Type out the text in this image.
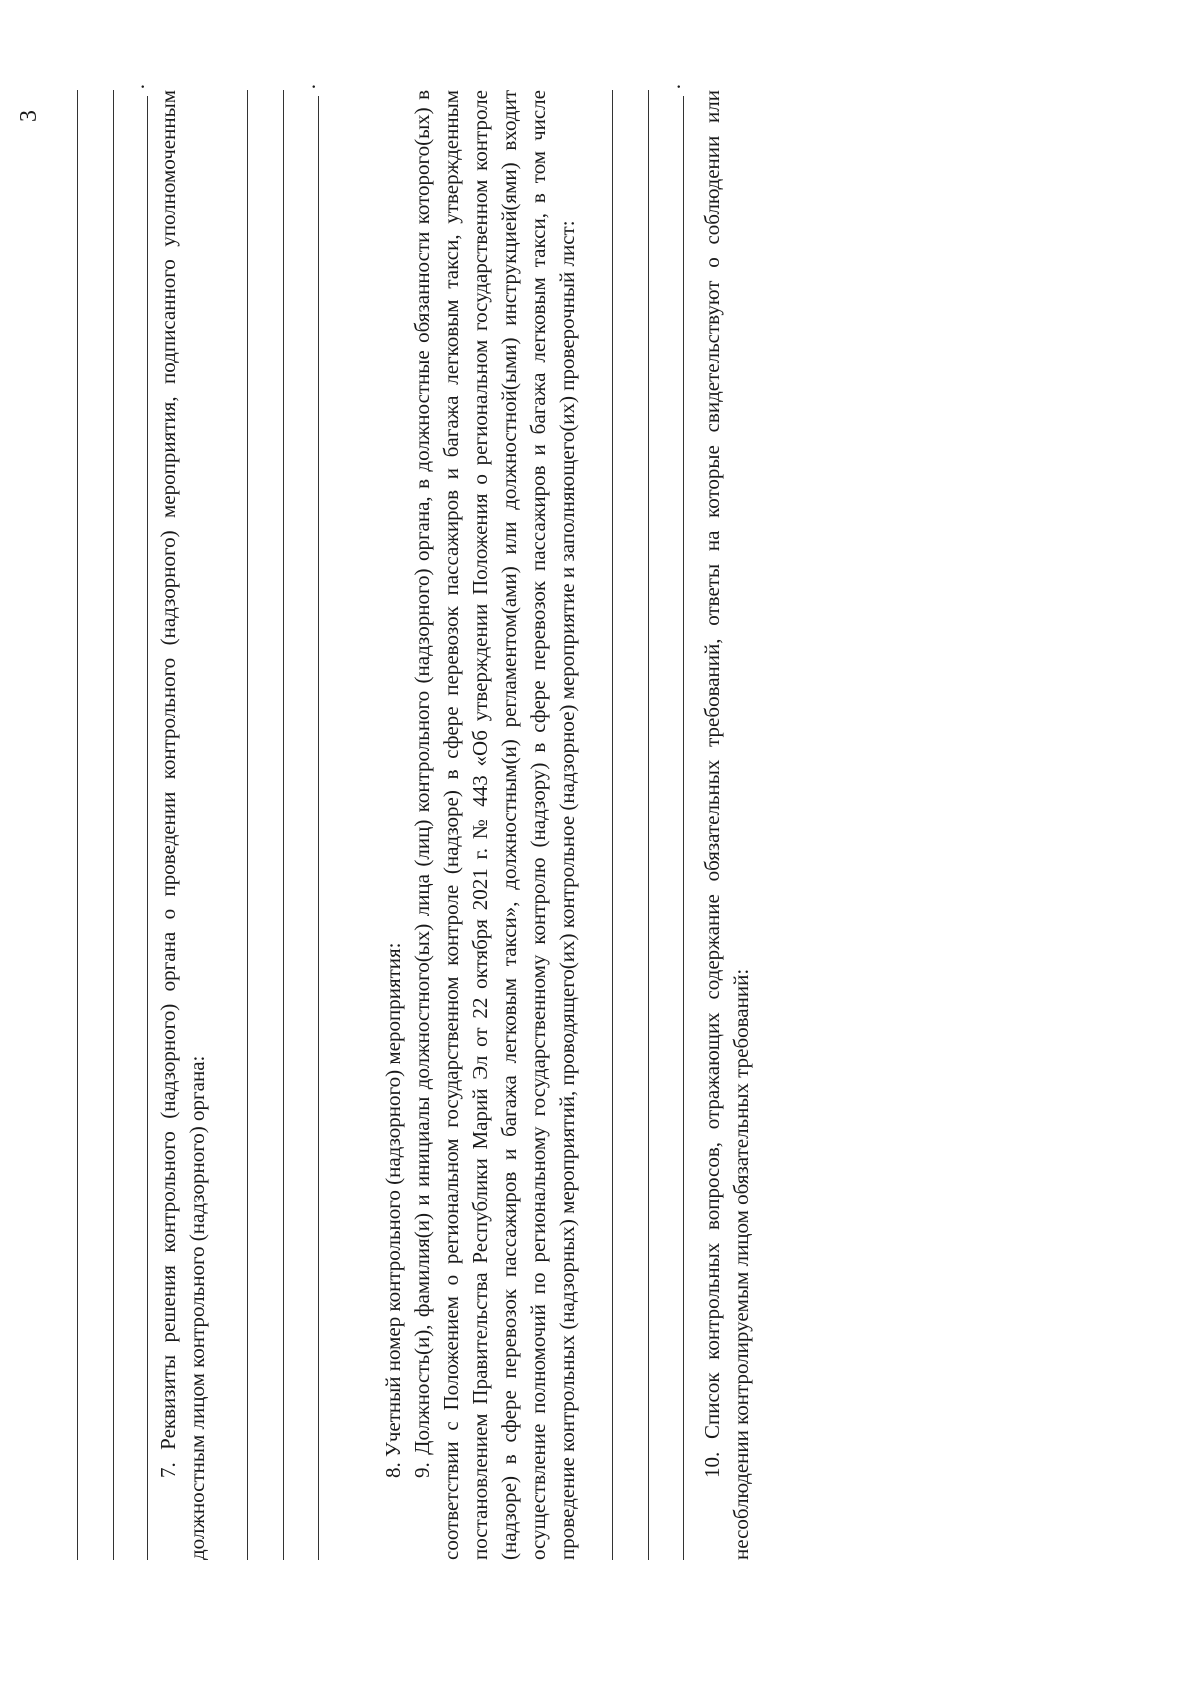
3
.

7. Реквизиты решения контрольного (надзорного) органа о проведении контрольного (надзорного) мероприятия, подписанного уполномоченным должностным лицом контрольного (надзорного) органа:

.

8. Учетный номер контрольного (надзорного) мероприятия: 9. Должность(и), фамилия(и) и инициалы должностного(ых) лица (лиц) контрольного (надзорного) органа, в должностные обязанности которого(ых) в соответствии с Положением о региональном государственном контроле (надзоре) в сфере перевозок пассажиров и багажа легковым такси, утвержденным постановлением Правительства Республики Марий Эл от 22 октября 2021 г. № 443 «Об утверждении Положения о региональном государственном контроле (надзоре) в сфере перевозок пассажиров и багажа легковым такси», должностным(и) регламентом(ами) или должностной(ыми) инструкцией(ями) входит осуществление полномочий по региональному государственному контролю (надзору) в сфере перевозок пассажиров и багажа легковым такси, в том числе проведение контрольных (надзорных) мероприятий, проводящего(их) контрольное (надзорное) мероприятие и заполняющего(их) проверочный лист:

.

10. Список контрольных вопросов, отражающих содержание обязательных требований, ответы на которые свидетельствуют о соблюдении или несоблюдении контролируемым лицом обязательных требований:
